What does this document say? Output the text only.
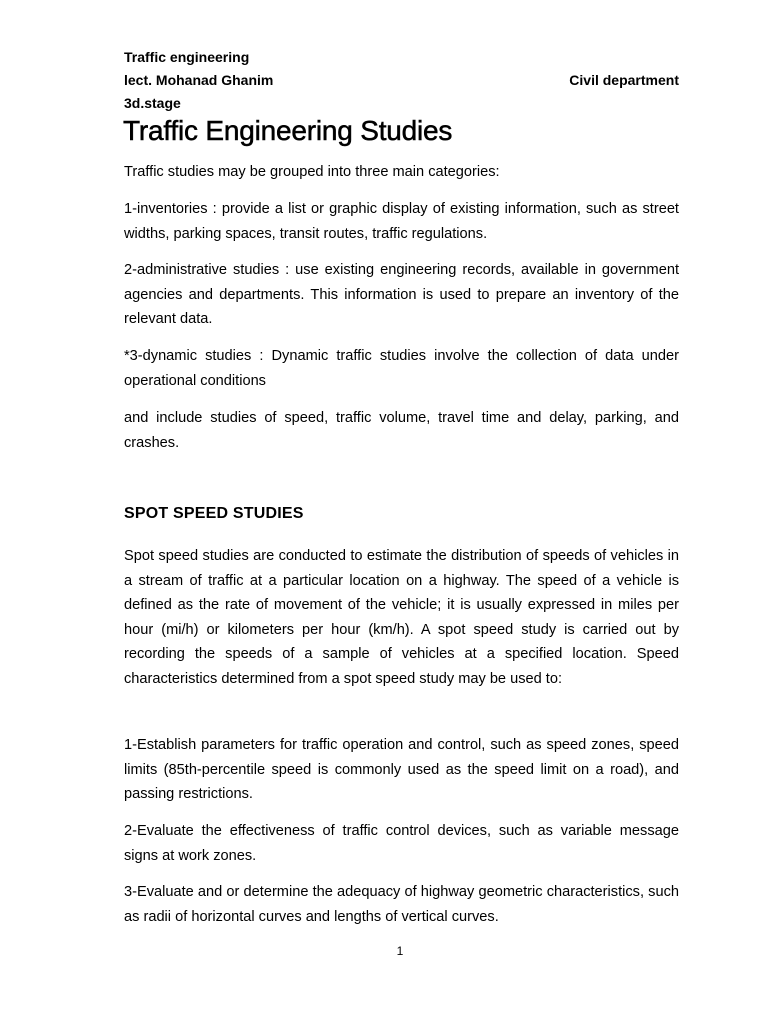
Traffic engineering
lect. Mohanad Ghanim	Civil department
3d.stage
Traffic Engineering Studies

Traffic studies may be grouped into three main categories:

1-inventories : provide a list or graphic display of existing information, such as street widths, parking spaces, transit routes, traffic regulations.

2-administrative studies : use existing engineering records, available in government agencies and departments. This information is used to prepare an inventory of the relevant data.

*3-dynamic studies : Dynamic traffic studies involve the collection of data under operational conditions

and include studies of speed, traffic volume, travel time and delay, parking, and crashes.

SPOT SPEED STUDIES

Spot speed studies are conducted to estimate the distribution of speeds of vehicles in a stream of traffic at a particular location on a highway. The speed of a vehicle is defined as the rate of movement of the vehicle; it is usually expressed in miles per hour (mi/h) or kilometers per hour (km/h). A spot speed study is carried out by recording the speeds of a sample of vehicles at a specified location. Speed characteristics determined from a spot speed study may be used to:

1-Establish parameters for traffic operation and control, such as speed zones, speed limits (85th-percentile speed is commonly used as the speed limit on a road), and passing restrictions.

2-Evaluate the effectiveness of traffic control devices, such as variable message signs at work zones.

3-Evaluate and or determine the adequacy of highway geometric characteristics, such as radii of horizontal curves and lengths of vertical curves.

1
